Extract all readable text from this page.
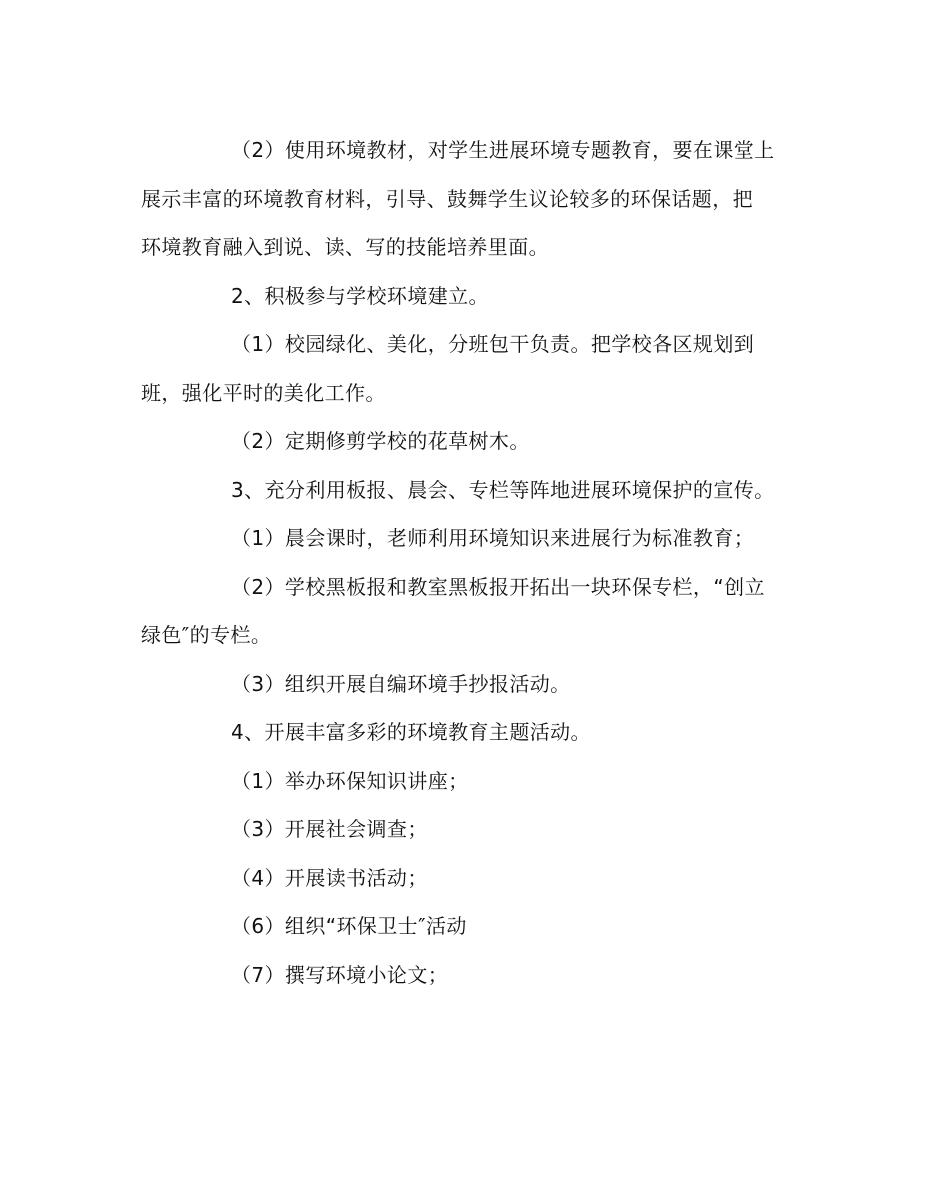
（2）使用环境教材，对学生进展环境专题教育，要在课堂上
展示丰富的环境教育材料，引导、鼓舞学生议论较多的环保话题，把
环境教育融入到说、读、写的技能培养里面。
2、积极参与学校环境建立。
（1）校园绿化、美化，分班包干负责。把学校各区规划到
班，强化平时的美化工作。
（2）定期修剪学校的花草树木。
3、充分利用板报、晨会、专栏等阵地进展环境保护的宣传。
（1）晨会课时，老师利用环境知识来进展行为标准教育；
（2）学校黑板报和教室黑板报开拓出一块环保专栏，“创立
绿色″的专栏。
（3）组织开展自编环境手抄报活动。
4、开展丰富多彩的环境教育主题活动。
（1）举办环保知识讲座；
（3）开展社会调查；
（4）开展读书活动；
（6）组织“环保卫士″活动
（7）撰写环境小论文；
